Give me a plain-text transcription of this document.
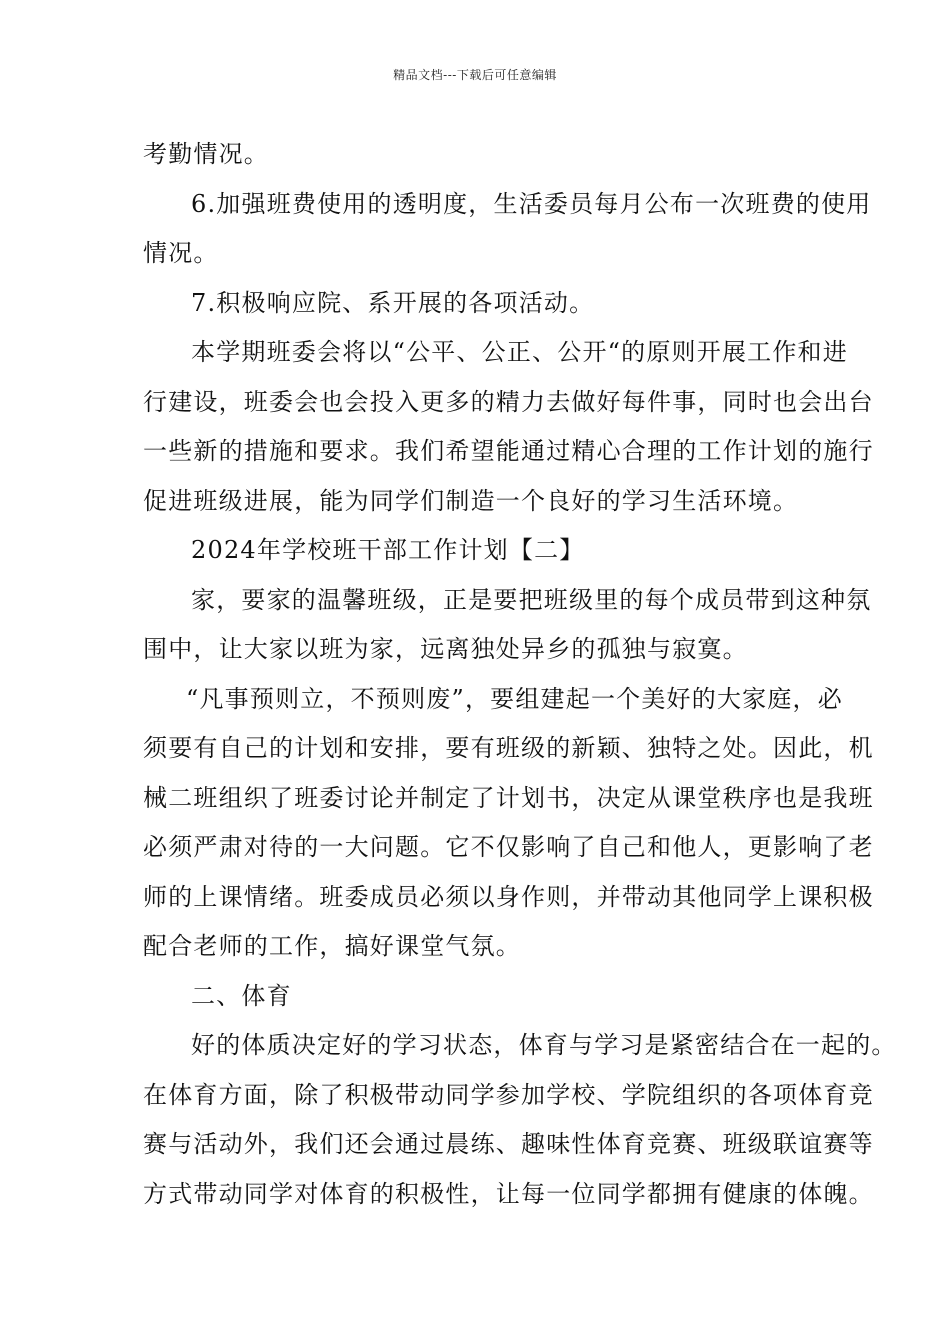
精品文档---下载后可任意编辑

考勤情况。

6.加强班费使用的透明度，生活委员每月公布一次班费的使用

情况。

7.积极响应院、系开展的各项活动。

本学期班委会将以“公平、公正、公开“的原则开展工作和进

行建设，班委会也会投入更多的精力去做好每件事，同时也会出台

一些新的措施和要求。我们希望能通过精心合理的工作计划的施行

促进班级进展，能为同学们制造一个良好的学习生活环境。

2024年学校班干部工作计划【二】

家，要家的温馨班级，正是要把班级里的每个成员带到这种氛

围中，让大家以班为家，远离独处异乡的孤独与寂寞。

“凡事预则立，不预则废”，要组建起一个美好的大家庭，必

须要有自己的计划和安排，要有班级的新颖、独特之处。因此，机

械二班组织了班委讨论并制定了计划书，决定从课堂秩序也是我班

必须严肃对待的一大问题。它不仅影响了自己和他人，更影响了老

师的上课情绪。班委成员必须以身作则，并带动其他同学上课积极

配合老师的工作，搞好课堂气氛。

二、体育

好的体质决定好的学习状态，体育与学习是紧密结合在一起的。

在体育方面，除了积极带动同学参加学校、学院组织的各项体育竞

赛与活动外，我们还会通过晨练、趣味性体育竞赛、班级联谊赛等

方式带动同学对体育的积极性，让每一位同学都拥有健康的体魄。
